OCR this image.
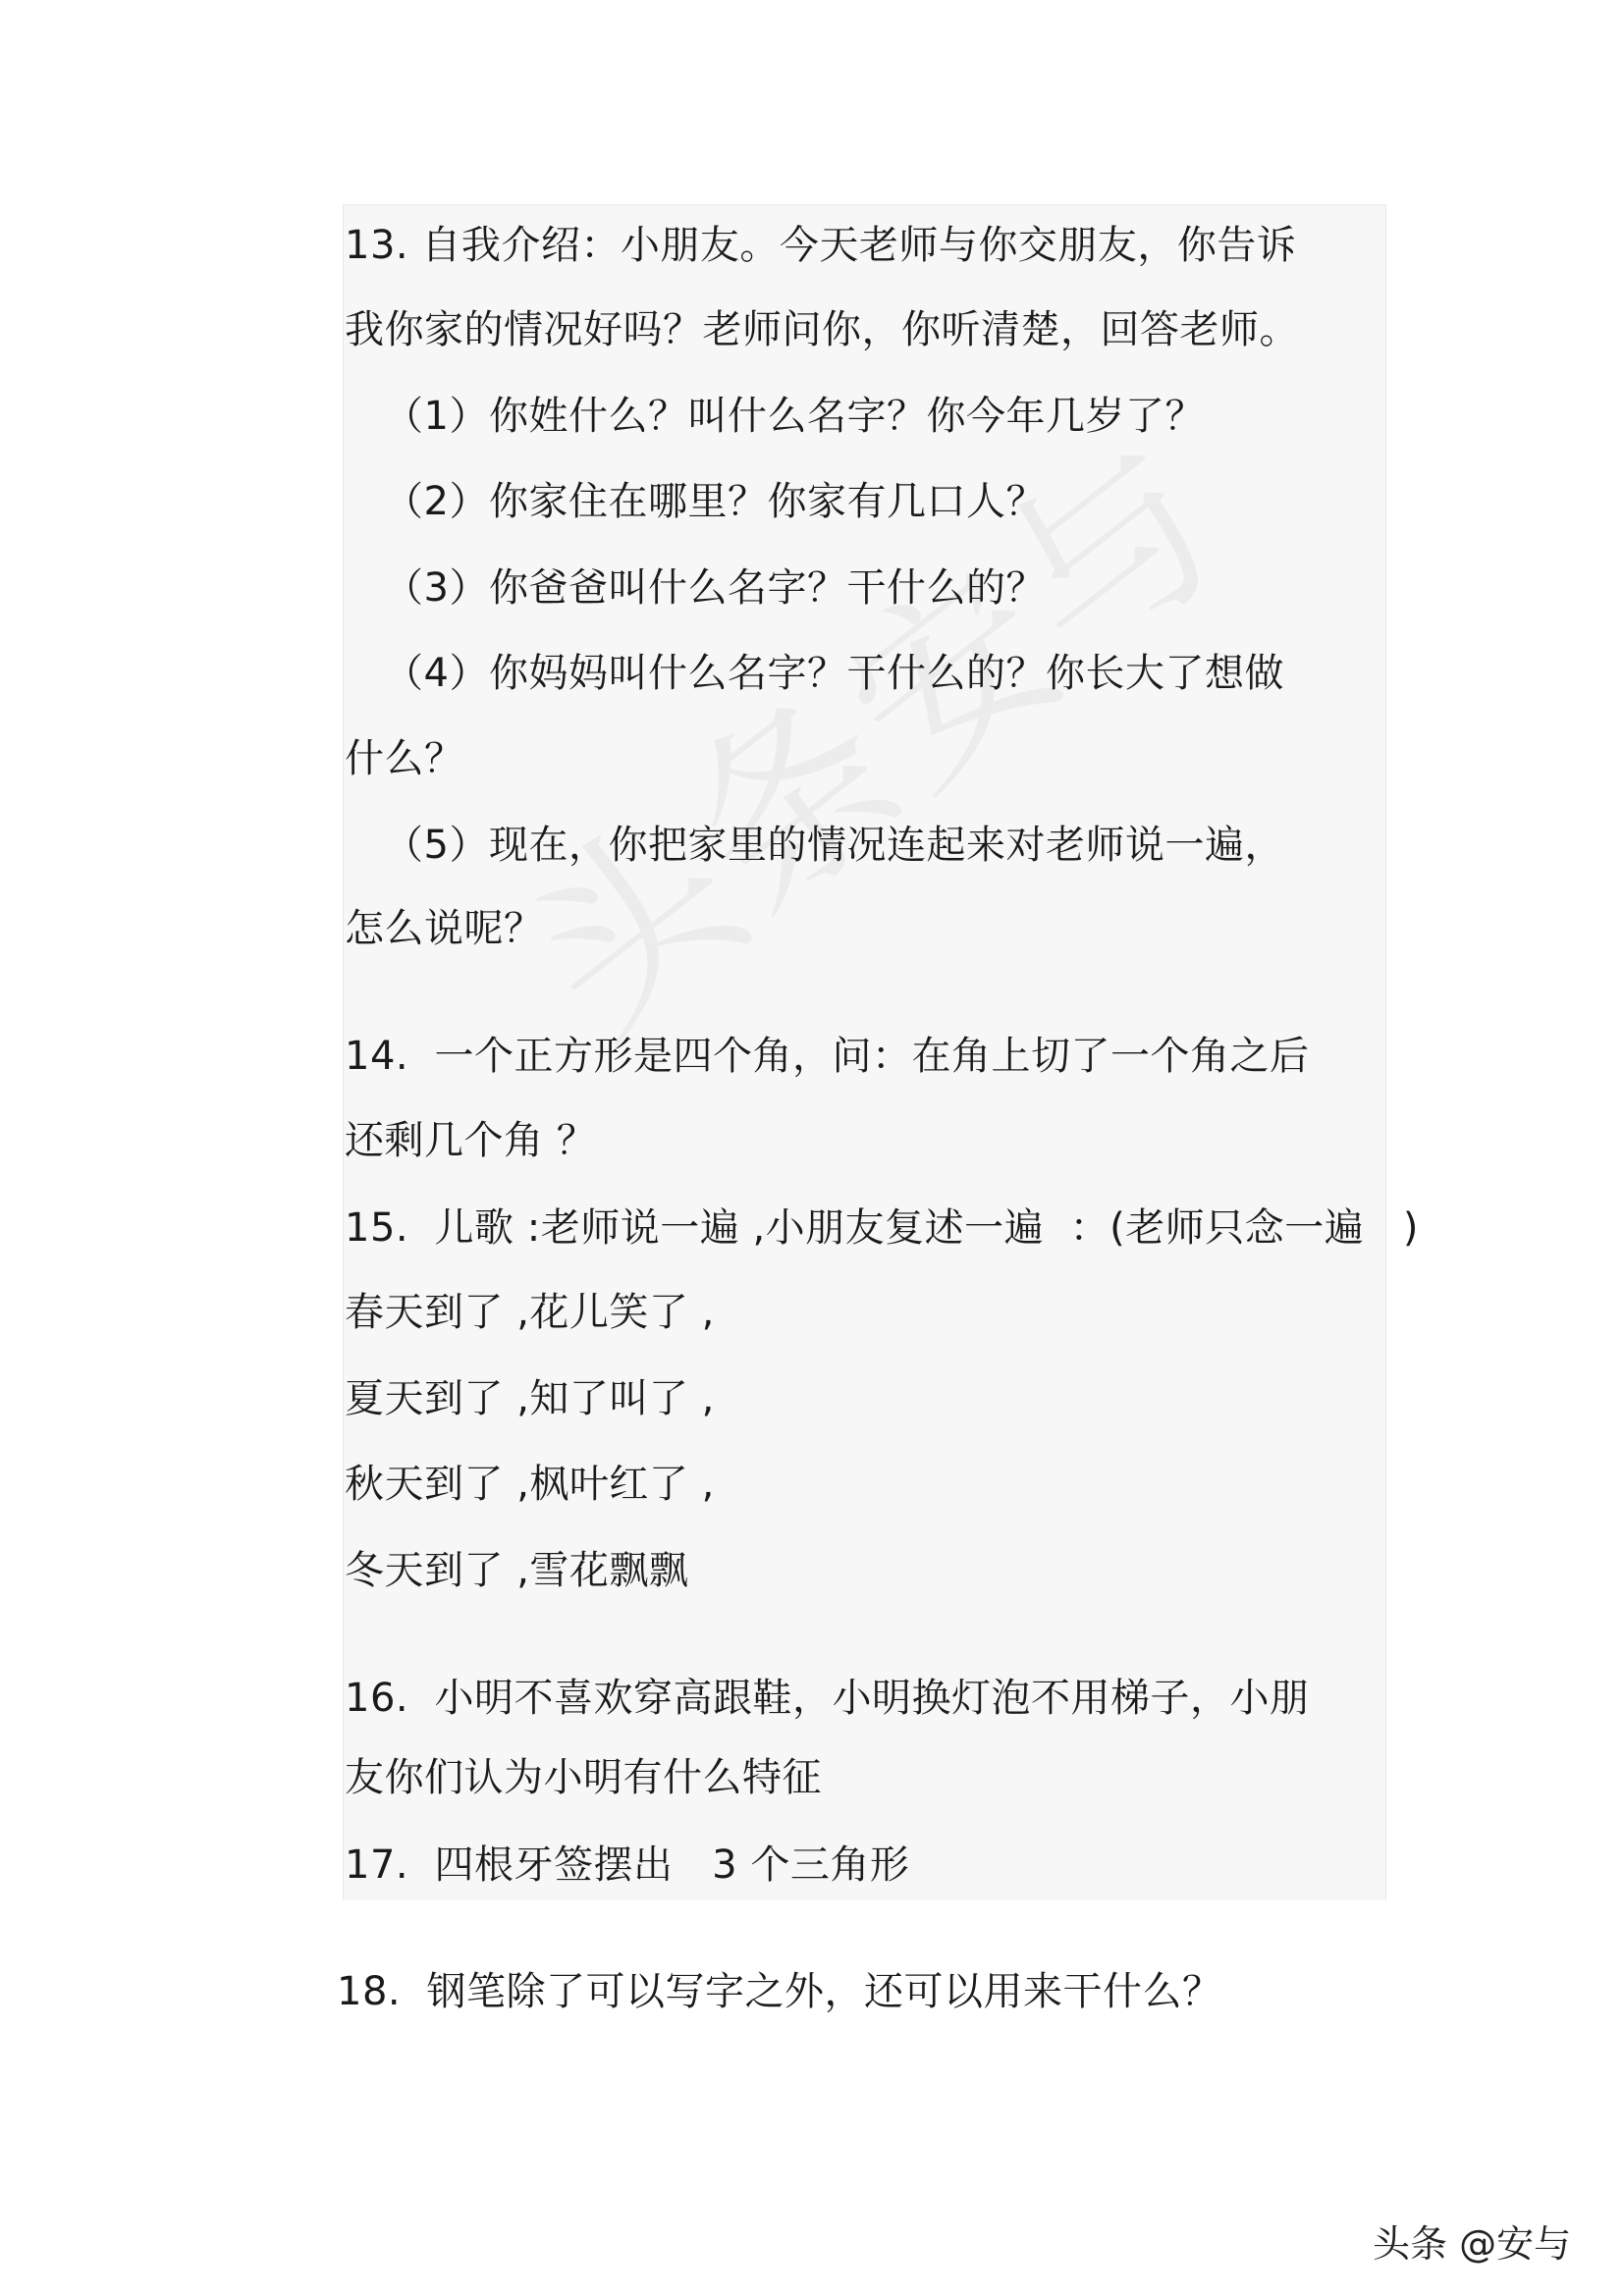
13. 自我介绍：小朋友。今天老师与你交朋友，你告诉
我你家的情况好吗？老师问你，你听清楚，回答老师。
（1）你姓什么？叫什么名字？你今年几岁了？
（2）你家住在哪里？你家有几口人？
（3）你爸爸叫什么名字？干什么的？
（4）你妈妈叫什么名字？干什么的？你长大了想做
什么？
（5）现在，你把家里的情况连起来对老师说一遍，
怎么说呢？
14.  一个正方形是四个角，问：在角上切了一个角之后
还剩几个角 ？
15.  儿歌 :老师说一遍 ,小朋友复述一遍  ：(老师只念一遍   )
春天到了 ,花儿笑了 ,
夏天到了 ,知了叫了 ,
秋天到了 ,枫叶红了 ,
冬天到了 ,雪花飘飘
16.  小明不喜欢穿高跟鞋，小明换灯泡不用梯子，小朋
友你们认为小明有什么特征
17.  四根牙签摆出   3 个三角形
18.  钢笔除了可以写字之外，还可以用来干什么？
头条 @安与
